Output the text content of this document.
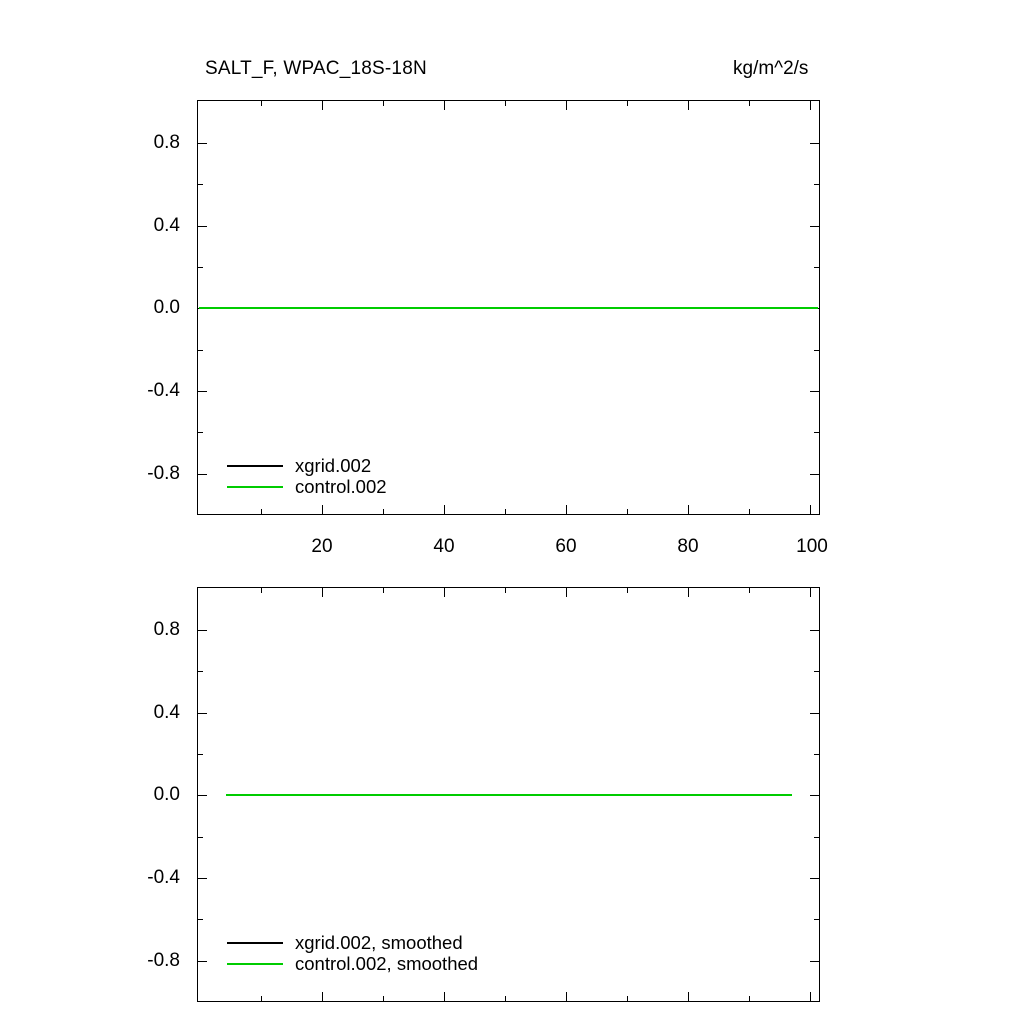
SALT_F, WPAC_18S-18N	kg/m^2/s
xgrid.002
control.002
0.8
0.4
0.0
-0.4
-0.8
20	40	60	80	100
xgrid.002, smoothed
control.002, smoothed
0.8
0.4
0.0
-0.4
-0.8
